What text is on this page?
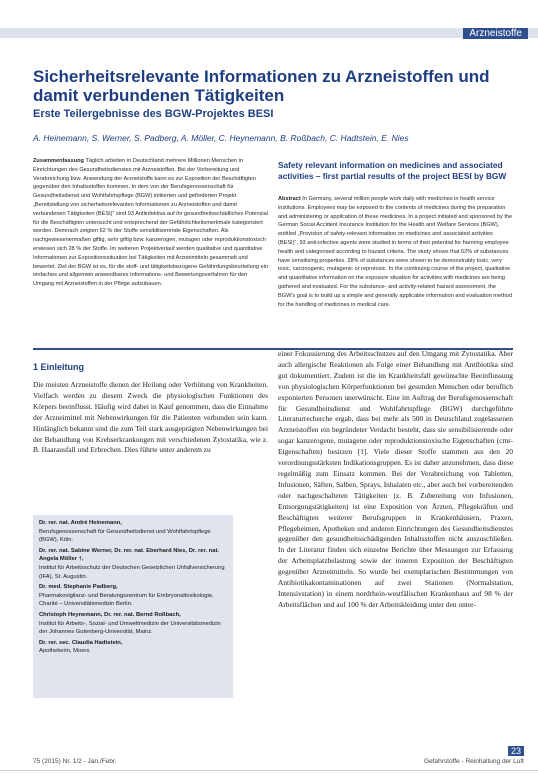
Arzneistoffe
Sicherheitsrelevante Informationen zu Arzneistoffen und damit verbundenen Tätigkeiten
Erste Teilergebnisse des BGW-Projektes BESI
A. Heinemann, S. Werner, S. Padberg, A. Möller, C. Heynemann, B. Roßbach, C. Hadtstein, E. Nies
Zusammenfassung Täglich arbeiten in Deutschland mehrere Millionen Menschen in Einrichtungen des Gesundheitsdienstes mit Arzneistoffen. Bei der Vorbereitung und Verabreichung bzw. Anwendung der Arzneistoffe kann es zur Exposition der Beschäftigten gegenüber den Inhaltsstoffen kommen. In dem von der Berufsgenossenschaft für Gesundheitsdienst und Wohlfahrtspflege (BGW) initiierten und geförderten Projekt „Bereitstellung von sicherheitsrelevanten Informationen zu Arzneistoffen und damit verbundenen Tätigkeiten (BESI)“ sind 93 Antiinfektiva auf ihr gesundheitsschädliches Potenzial für die Beschäftigten untersucht und entsprechend der Gefährlichkeitsmerkmale kategorisiert worden. Demnach zeigten 62 % der Stoffe sensibilisierende Eigenschaften. Als nachgewiesenermaßen giftig, sehr giftig bzw. kanzerogen, mutagen oder reproduktionstoxisch erwiesen sich 28 % der Stoffe. Im weiteren Projektverlauf werden qualitative und quantitative Informationen zur Expositionssituation bei Tätigkeiten mit Arzneimitteln gesammelt und bewertet. Ziel der BGW ist es, für die stoff- und tätigkeitsbezogene Gefährdungsbeurteilung ein einfaches und allgemein anwendbares Informations- und Bewertungsverfahren für den Umgang mit Arzneistoffen in der Pflege aufzubauen.
Safety relevant information on medicines and associated activities – first partial results of the project BESI by BGW
Abstract In Germany, several million people work daily with medicines in health service institutions. Employees may be exposed to the contents of medicines during the preparation and administering or application of these medicines. In a project initiated and sponsored by the German Social Accident Insurance Institution for the Health and Welfare Services (BGW), entitled „Provision of safety-relevant information on medicines and associated activities (BESI)“, 93 anti-infective agents were studied in terms of their potential for harming employee health and categorised according to hazard criteria. The study shows that 62% of substances have sensitising properties. 28% of substances were shown to be demonstrably toxic, very toxic, carcinogenic, mutagenic or reprotoxic. In the continuing course of the project, qualitative and quantitative information on the exposure situation for activities with medicines are being gathered and evaluated. For the substance- and activity-related hazard assessment, the BGW's goal is to build up a simple and generally applicable information and evaluation method for the handling of medicines in medical care.
1 Einleitung
Die meisten Arzneistoffe dienen der Heilung oder Verhütung von Krankheiten. Vielfach werden zu diesem Zweck die physiologischen Funktionen des Körpers beeinflusst. Häufig wird dabei in Kauf genommen, dass die Einnahme der Arzneimittel mit Nebenwirkungen für die Patienten verbunden sein kann. Hinlänglich bekannt sind die zum Teil stark ausgeprägten Nebenwirkungen bei der Behandlung von Krebserkrankungen mit verschiedenen Zytostatika, wie z. B. Haarausfall und Erbrechen. Dies führte unter anderem zu
einer Fokussierung des Arbeitsschutzes auf den Umgang mit Zytostatika. Aber auch allergische Reaktionen als Folge einer Behandlung mit Antibiotika sind gut dokumentiert. Zudem ist die im Krankheitsfall gewünschte Beeinflussung von physiologischen Körperfunktionen bei gesunden Menschen oder beruflich exponierten Personen unerwünscht. Eine im Auftrag der Berufsgenossenschaft für Gesundheitsdienst und Wohlfahrtspflege (BGW) durchgeführte Literaturrecherche ergab, dass bei mehr als 500 in Deutschland zugelassenen Arzneistoffen ein begründeter Verdacht besteht, dass sie sensibilisierende oder sogar kanzerogene, mutagene oder reproduktionstoxische Eigenschaften (cmr-Eigenschaften) besitzen [1]. Viele dieser Stoffe stammen aus den 20 verordnungsstärksten Indikationsgruppen. Es ist daher anzunehmen, dass diese regelmäßig zum Einsatz kommen. Bei der Verabreichung von Tabletten, Infusionen, Säften, Salben, Sprays, Inhalaten etc., aber auch bei vorbereitenden oder nachgeschalteten Tätigkeiten (z. B. Zubereitung von Infusionen, Entsorgungstätigkeiten) ist eine Exposition von Ärzten, Pflegekräften und Beschäftigten weiterer Berufsgruppen in Krankenhäusern, Praxen, Pflegeheimen, Apotheken und anderen Einrichtungen des Gesundheitsdienstes gegenüber den gesundheitsschädigenden Inhaltsstoffen nicht auszuschließen. In der Literatur finden sich einzelne Berichte über Messungen zur Erfassung der Arbeitsplatzbelastung sowie der inneren Exposition der Beschäftigten gegenüber Arzneimitteln. So wurde bei exemplarischen Bestimmungen von Antibiotikakontaminationen auf zwei Stationen (Normalstation, Intensivstation) in einem nordrhein-westfälischen Krankenhaus auf 98 % der Arbeitsflächen und auf 100 % der Arbeitskleidung unter den unter-
Dr. rer. nat. André Heinemann,
Berufsgenossenschaft für Gesundheitsdienst und Wohlfahrtspflege (BGW), Köln.
Dr. rer. nat. Sabine Werner, Dr. rer. nat. Eberhard Nies, Dr. rer. nat. Angela Möller †,
Institut für Arbeitsschutz der Deutschen Gesetzlichen Unfallversicherung (IFA), St. Augustin.
Dr. med. Stephanie Padberg,
Pharmakovigilanz- und Beratungszentrum für Embryonaltoxikologie, Charité – Universitätsmedizin Berlin.
Christoph Heynemann, Dr. rer. nat. Bernd Roßbach,
Institut für Arbeits-, Sozial- und Umweltmedizin der Universitätsmedizin der Johannes Gutenberg-Universität, Mainz.
Dr. rer. sec. Claudia Hadtstein,
Apothekerin, Moers.
23
75 (2015) Nr. 1/2 - Jan./Febr.	Gefahrstoffe - Reinhaltung der Luft
